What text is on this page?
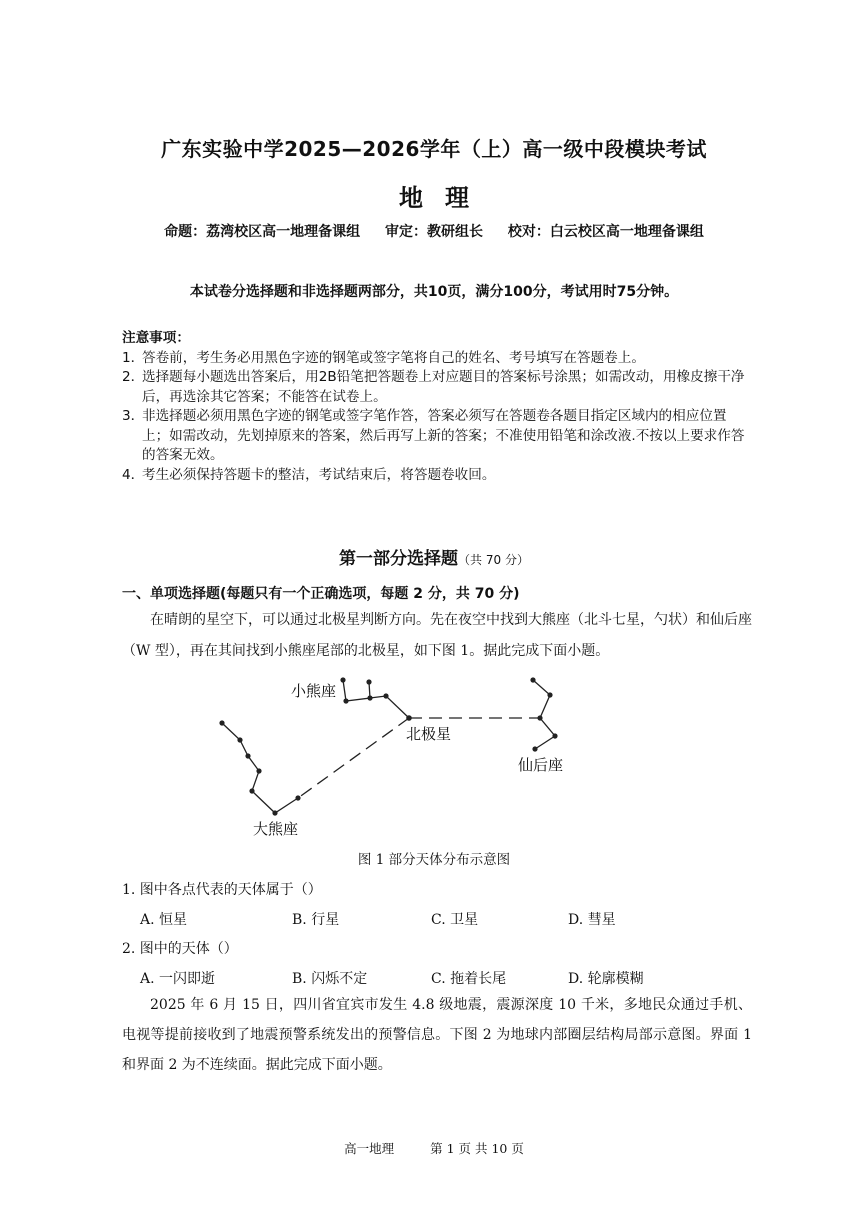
广东实验中学2025—2026学年（上）高一级中段模块考试
地理
命题：荔湾校区高一地理备课组 审定：教研组长 校对：白云校区高一地理备课组
本试卷分选择题和非选择题两部分，共10页，满分100分，考试用时75分钟。
注意事项：
1．
答卷前，考生务必用黑色字迹的钢笔或签字笔将自己的姓名、考号填写在答题卷上。
2．
选择题每小题选出答案后，用2B铅笔把答题卷上对应题目的答案标号涂黑；如需改动，用橡皮擦干净后，再选涂其它答案；不能答在试卷上。
3．
非选择题必须用黑色字迹的钢笔或签字笔作答，答案必须写在答题卷各题目指定区域内的相应位置上；如需改动，先划掉原来的答案，然后再写上新的答案；不准使用铅笔和涂改液.不按以上要求作答的答案无效。
4．
考生必须保持答题卡的整洁，考试结束后，将答题卷收回。
第一部分选择题（共 70 分）
一、单项选择题(每题只有一个正确选项，每题 2 分，共 70 分)
在晴朗的星空下，可以通过北极星判断方向。先在夜空中找到大熊座（北斗七星，勺状）和仙后座（W 型），再在其间找到小熊座尾部的北极星，如下图 1。据此完成下面小题。
小熊座
北极星
仙后座
大熊座
图 1 部分天体分布示意图
1. 图中各点代表的天体属于（）
A. 恒星	B. 行星	C. 卫星	D. 彗星
2. 图中的天体（）
A. 一闪即逝	B. 闪烁不定	C. 拖着长尾	D. 轮廓模糊
2025 年 6 月 15 日，四川省宜宾市发生 4.8 级地震，震源深度 10 千米，多地民众通过手机、电视等提前接收到了地震预警系统发出的预警信息。下图 2 为地球内部圈层结构局部示意图。界面 1 和界面 2 为不连续面。据此完成下面小题。
高一地理	第 1 页 共 10 页
